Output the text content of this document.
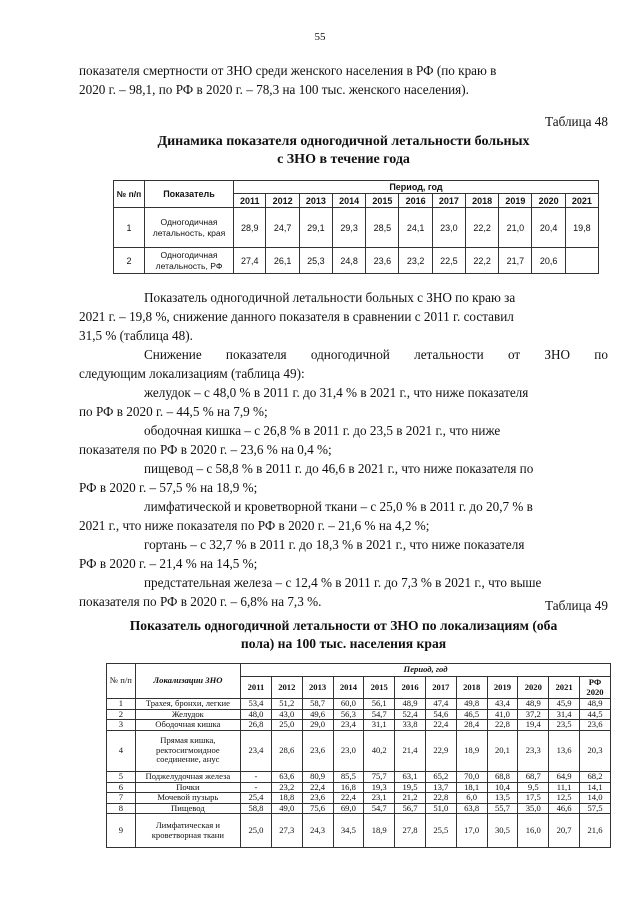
55

показателя смертности от ЗНО среди женского населения в РФ (по краю в
2020 г. – 98,1, по РФ в 2020 г. – 78,3 на 100 тыс. женского населения).

Таблица 48
Динамика показателя одногодичной летальности больных
с ЗНО в течение года
№ п/п	Показатель	Период, год										
		2011	2012	2013	2014	2015	2016	2017	2018	2019	2020	2021
1	Одногодичная летальность, края	28,9	24,7	29,1	29,3	28,5	24,1	23,0	22,2	21,0	20,4	19,8
2	Одногодичная летальность, РФ	27,4	26,1	25,3	24,8	23,6	23,2	22,5	22,2	21,7	20,6	

Показатель одногодичной летальности больных с ЗНО по краю за
2021 г. – 19,8 %, снижение данного показателя в сравнении с 2011 г. составил
31,5 % (таблица 48).

Снижение показателя одногодичной летальности от ЗНО по
следующим локализациям (таблица 49):

желудок – с 48,0 % в 2011 г. до 31,4 % в 2021 г., что ниже показателя
по РФ в 2020 г. – 44,5 % на 7,9 %;

ободочная кишка – с 26,8 % в 2011 г. до 23,5 в 2021 г., что ниже
показателя по РФ в 2020 г. – 23,6 % на 0,4 %;

пищевод – с 58,8 % в 2011 г. до 46,6 в 2021 г., что ниже показателя по
РФ в 2020 г. – 57,5 % на 18,9 %;

лимфатической и кроветворной ткани – с 25,0 % в 2011 г. до 20,7 % в
2021 г., что ниже показателя по РФ в 2020 г. – 21,6 % на 4,2 %;

гортань – с 32,7 % в 2011 г. до 18,3 % в 2021 г., что ниже показателя
РФ в 2020 г. – 21,4 % на 14,5 %;

предстательная железа – с 12,4 % в 2011 г. до 7,3 % в 2021 г., что выше
показателя по РФ в 2020 г. – 6,8% на 7,3 %.	Таблица 49
Показатель одногодичной летальности от ЗНО по локализациям (оба
пола) на 100 тыс. населения края
№ п/п	Локализации ЗНО	Период, год											
		2011	2012	2013	2014	2015	2016	2017	2018	2019	2020	2021	РФ 2020
1	Трахея, бронхи, легкие	53,4	51,2	58,7	60,0	56,1	48,9	47,4	49,8	43,4	48,9	45,9	48,9
2	Желудок	48,0	43,0	49,6	56,3	54,7	52,4	54,6	46,5	41,0	37,2	31,4	44,5
3	Ободочная кишка	26,8	25,0	29,0	23,4	31,1	33,8	22,4	28,4	22,8	19,4	23,5	23,6
4	Прямая кишка, ректосигмоидное соединение, анус	23,4	28,6	23,6	23,0	40,2	21,4	22,9	18,9	20,1	23,3	13,6	20,3
5	Поджелудочная железа	-	63,6	80,9	85,5	75,7	63,1	65,2	70,0	68,8	68,7	64,9	68,2
6	Почки	-	23,2	22,4	16,8	19,3	19,5	13,7	18,1	10,4	9,5	11,1	14,1
7	Мочевой пузырь	25,4	18,8	23,6	22,4	23,1	21,2	22,8	6,0	13,5	17,5	12,5	14,0
8	Пищевод	58,8	49,0	75,6	69,0	54,7	56,7	51,0	63,8	55,7	35,0	46,6	57,5
9	Лимфатическая и кроветворная ткани	25,0	27,3	24,3	34,5	18,9	27,8	25,5	17,0	30,5	16,0	20,7	21,6
